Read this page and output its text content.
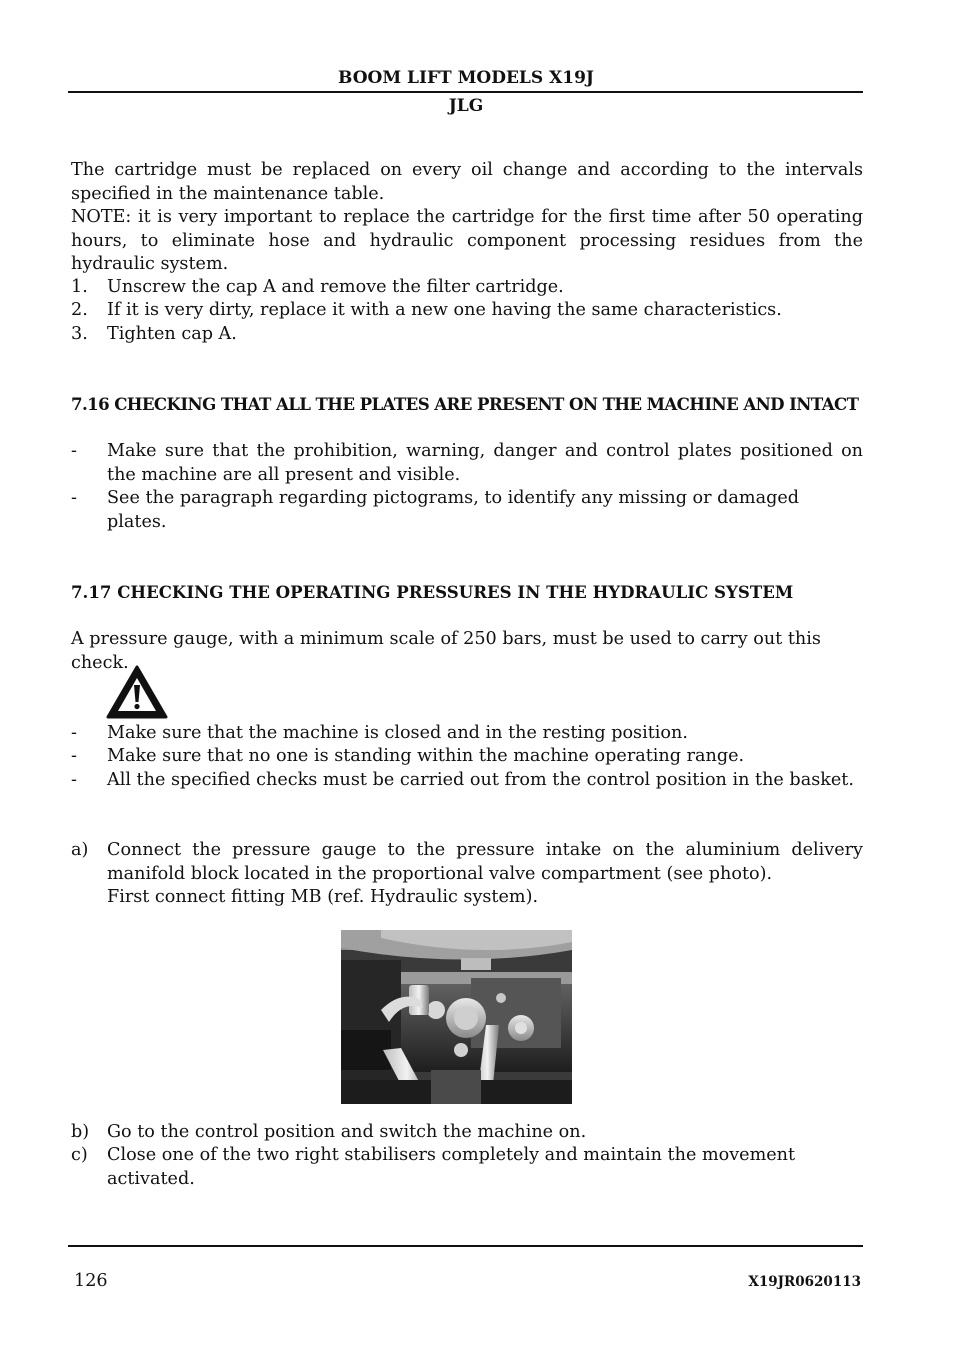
BOOM LIFT MODELS X19J
JLG
The cartridge must be replaced on every oil change and according to the intervals specified in the maintenance table.
NOTE: it is very important to replace the cartridge for the first time after 50 operating hours, to eliminate hose and hydraulic component processing residues from the hydraulic system.
1.	Unscrew the cap A and remove the filter cartridge.
2.	If it is very dirty, replace it with a new one having the same characteristics.
3.	Tighten cap A.
7.16 CHECKING THAT ALL THE PLATES ARE PRESENT ON THE MACHINE AND INTACT
-	Make sure that the prohibition, warning, danger and control plates positioned on the machine are all present and visible.
-	See the paragraph regarding pictograms, to identify any missing or damaged plates.
7.17 CHECKING THE OPERATING PRESSURES IN THE HYDRAULIC SYSTEM
A pressure gauge, with a minimum scale of 250 bars, must be used to carry out this check.
-	Make sure that the machine is closed and in the resting position.
-	Make sure that no one is standing within the machine operating range.
-	All the specified checks must be carried out from the control position in the basket.
a)	Connect the pressure gauge to the pressure intake on the aluminium delivery manifold block located in the proportional valve compartment (see photo).
First connect fitting MB (ref. Hydraulic system).
b)	Go to the control position and switch the machine on.
c)	Close one of the two right stabilisers completely and maintain the movement activated.
126	X19JR0620113
